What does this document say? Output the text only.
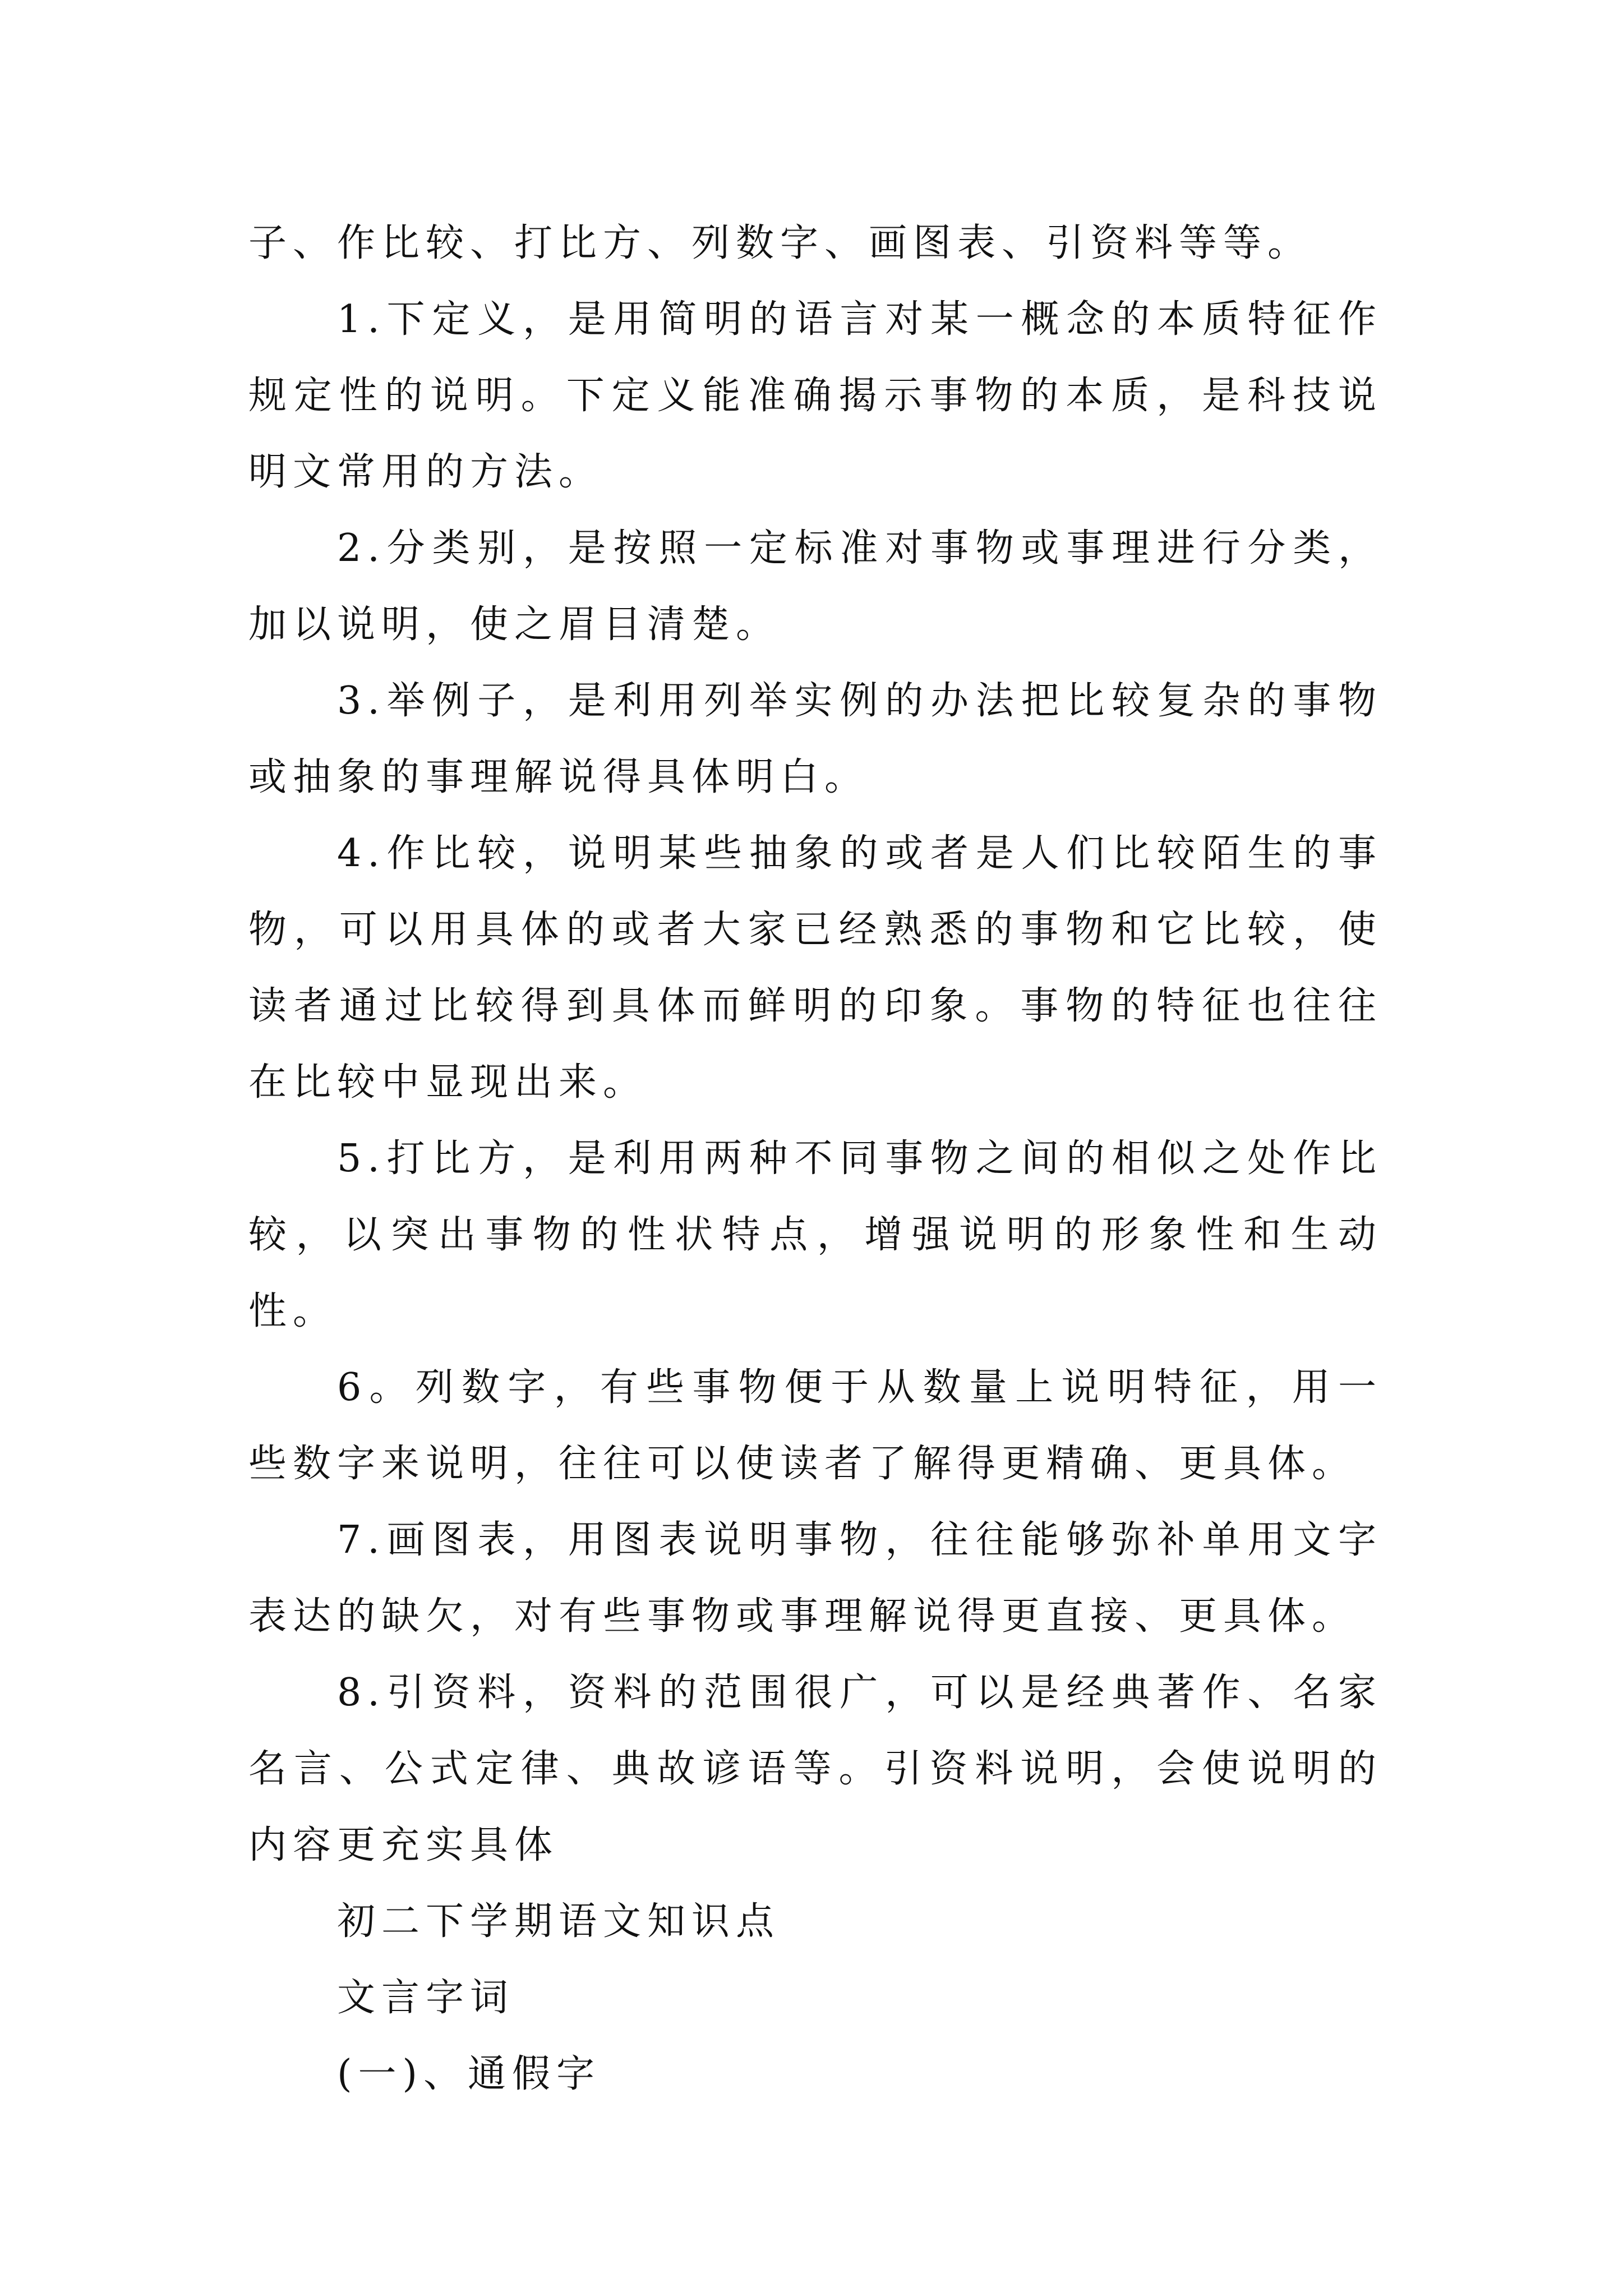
子、作比较、打比方、列数字、画图表、引资料等等。

1.下定义，是用简明的语言对某一概念的本质特征作规定性的说明。下定义能准确揭示事物的本质，是科技说明文常用的方法。

2.分类别，是按照一定标准对事物或事理进行分类，加以说明，使之眉目清楚。

3.举例子，是利用列举实例的办法把比较复杂的事物或抽象的事理解说得具体明白。

4.作比较，说明某些抽象的或者是人们比较陌生的事物，可以用具体的或者大家已经熟悉的事物和它比较，使读者通过比较得到具体而鲜明的印象。事物的特征也往往在比较中显现出来。

5.打比方，是利用两种不同事物之间的相似之处作比较，以突出事物的性状特点，增强说明的形象性和生动性。

6。列数字，有些事物便于从数量上说明特征，用一些数字来说明，往往可以使读者了解得更精确、更具体。

7.画图表，用图表说明事物，往往能够弥补单用文字表达的缺欠，对有些事物或事理解说得更直接、更具体。

8.引资料，资料的范围很广，可以是经典著作、名家名言、公式定律、典故谚语等。引资料说明，会使说明的内容更充实具体

初二下学期语文知识点

文言字词

(一)、通假字
